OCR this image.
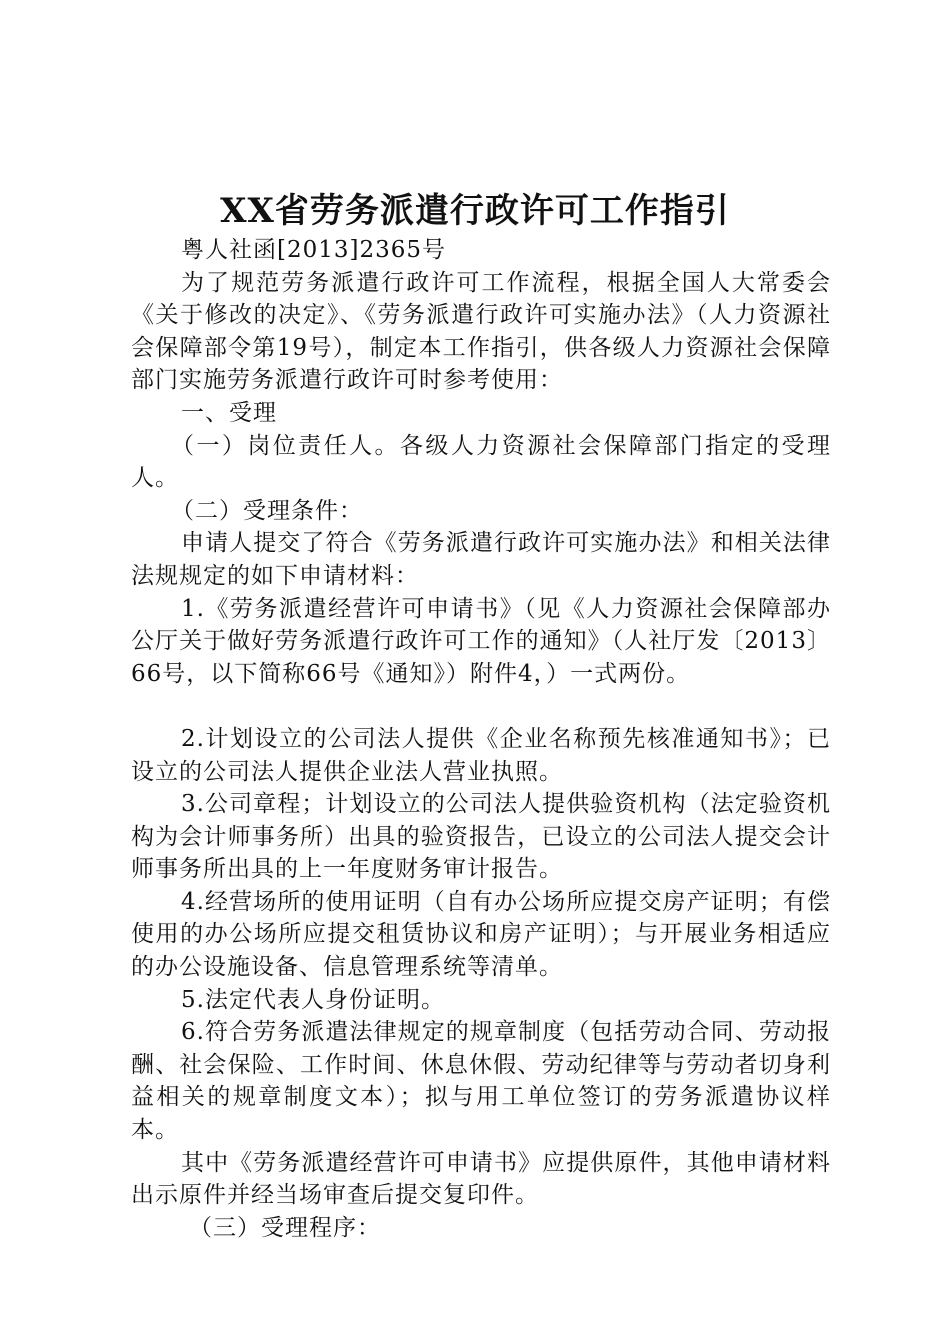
XX省劳务派遣行政许可工作指引

粤人社函[2013]2365号

为了规范劳务派遣行政许可工作流程，根据全国人大常委会《关于修改的决定》、《劳务派遣行政许可实施办法》（人力资源社会保障部令第19号），制定本工作指引，供各级人力资源社会保障部门实施劳务派遣行政许可时参考使用：

一、受理

（一）岗位责任人。各级人力资源社会保障部门指定的受理人。

（二）受理条件：

申请人提交了符合《劳务派遣行政许可实施办法》和相关法律法规规定的如下申请材料：

1.《劳务派遣经营许可申请书》（见《人力资源社会保障部办公厅关于做好劳务派遣行政许可工作的通知》（人社厅发〔2013〕66号，以下简称66号《通知》）附件4，）一式两份。

2.计划设立的公司法人提供《企业名称预先核准通知书》；已设立的公司法人提供企业法人营业执照。

3.公司章程；计划设立的公司法人提供验资机构（法定验资机构为会计师事务所）出具的验资报告，已设立的公司法人提交会计师事务所出具的上一年度财务审计报告。

4.经营场所的使用证明（自有办公场所应提交房产证明；有偿使用的办公场所应提交租赁协议和房产证明）；与开展业务相适应的办公设施设备、信息管理系统等清单。

5.法定代表人身份证明。

6.符合劳务派遣法律规定的规章制度（包括劳动合同、劳动报酬、社会保险、工作时间、休息休假、劳动纪律等与劳动者切身利益相关的规章制度文本）；拟与用工单位签订的劳务派遣协议样本。

其中《劳务派遣经营许可申请书》应提供原件，其他申请材料出示原件并经当场审查后提交复印件。

（三）受理程序：
